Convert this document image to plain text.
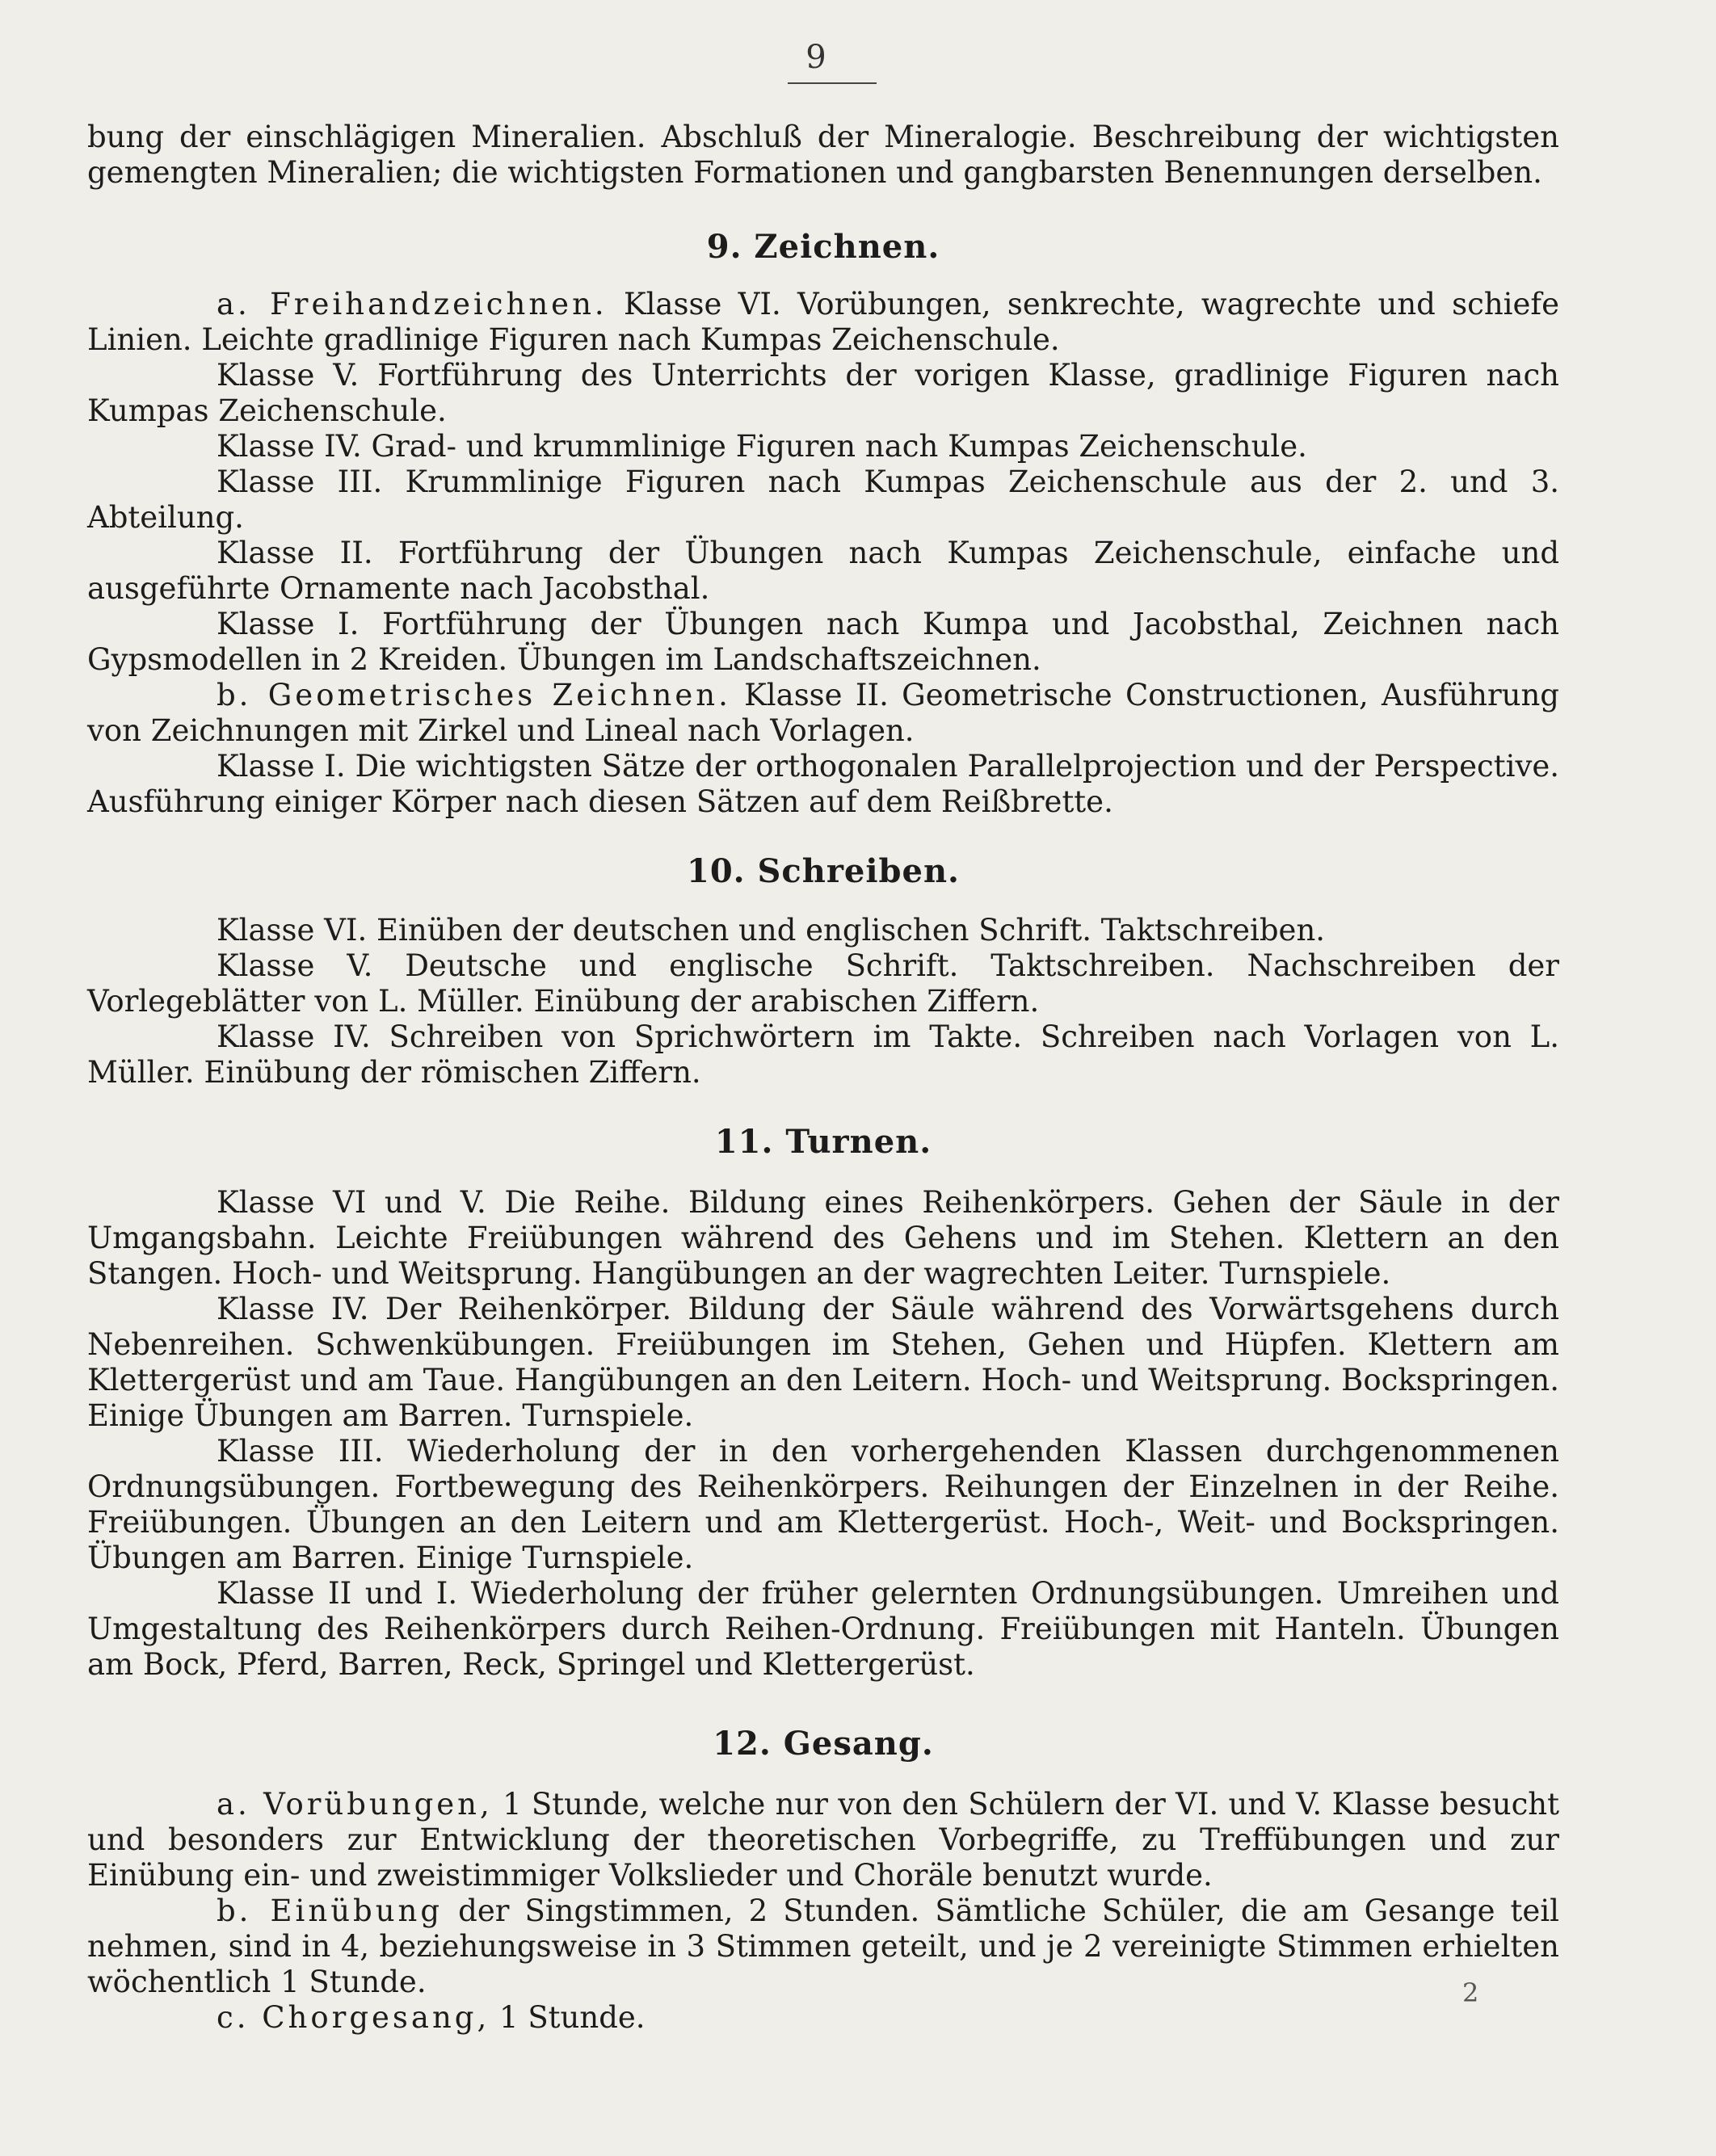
9

bung der einschlägigen Mineralien. Abschluß der Mineralogie. Beschreibung der wichtigsten gemengten Mineralien; die wichtigsten Formationen und gangbarsten Benennungen derselben.

9. Zeichnen.

a. Freihandzeichnen. Klasse VI. Vorübungen, senkrechte, wagrechte und schiefe Linien. Leichte gradlinige Figuren nach Kumpas Zeichenschule.

Klasse V. Fortführung des Unterrichts der vorigen Klasse, gradlinige Figuren nach Kumpas Zeichenschule.

Klasse IV. Grad- und krummlinige Figuren nach Kumpas Zeichenschule.

Klasse III. Krummlinige Figuren nach Kumpas Zeichenschule aus der 2. und 3. Abteilung.

Klasse II. Fortführung der Übungen nach Kumpas Zeichenschule, einfache und ausgeführte Ornamente nach Jacobsthal.

Klasse I. Fortführung der Übungen nach Kumpa und Jacobsthal, Zeichnen nach Gypsmodellen in 2 Kreiden. Übungen im Landschaftszeichnen.

b. Geometrisches Zeichnen. Klasse II. Geometrische Constructionen, Ausführung von Zeichnungen mit Zirkel und Lineal nach Vorlagen.

Klasse I. Die wichtigsten Sätze der orthogonalen Parallelprojection und der Perspective. Ausführung einiger Körper nach diesen Sätzen auf dem Reißbrette.

10. Schreiben.

Klasse VI. Einüben der deutschen und englischen Schrift. Taktschreiben.

Klasse V. Deutsche und englische Schrift. Taktschreiben. Nachschreiben der Vorlegeblätter von L. Müller. Einübung der arabischen Ziffern.

Klasse IV. Schreiben von Sprichwörtern im Takte. Schreiben nach Vorlagen von L. Müller. Einübung der römischen Ziffern.

11. Turnen.

Klasse VI und V. Die Reihe. Bildung eines Reihenkörpers. Gehen der Säule in der Umgangsbahn. Leichte Freiübungen während des Gehens und im Stehen. Klettern an den Stangen. Hoch- und Weitsprung. Hangübungen an der wagrechten Leiter. Turnspiele.

Klasse IV. Der Reihenkörper. Bildung der Säule während des Vorwärtsgehens durch Nebenreihen. Schwenkübungen. Freiübungen im Stehen, Gehen und Hüpfen. Klettern am Klettergerüst und am Taue. Hangübungen an den Leitern. Hoch- und Weitsprung. Bockspringen. Einige Übungen am Barren. Turnspiele.

Klasse III. Wiederholung der in den vorhergehenden Klassen durchgenommenen Ordnungsübungen. Fortbewegung des Reihenkörpers. Reihungen der Einzelnen in der Reihe. Freiübungen. Übungen an den Leitern und am Klettergerüst. Hoch-, Weit- und Bockspringen. Übungen am Barren. Einige Turnspiele.

Klasse II und I. Wiederholung der früher gelernten Ordnungsübungen. Umreihen und Umgestaltung des Reihenkörpers durch Reihen-Ordnung. Freiübungen mit Hanteln. Übungen am Bock, Pferd, Barren, Reck, Springel und Klettergerüst.

12. Gesang.

a. Vorübungen, 1 Stunde, welche nur von den Schülern der VI. und V. Klasse besucht und besonders zur Entwicklung der theoretischen Vorbegriffe, zu Treffübungen und zur Einübung ein- und zweistimmiger Volkslieder und Choräle benutzt wurde.

b. Einübung der Singstimmen, 2 Stunden. Sämtliche Schüler, die am Gesange teil nehmen, sind in 4, beziehungsweise in 3 Stimmen geteilt, und je 2 vereinigte Stimmen erhielten wöchentlich 1 Stunde.

c. Chorgesang, 1 Stunde.

2
